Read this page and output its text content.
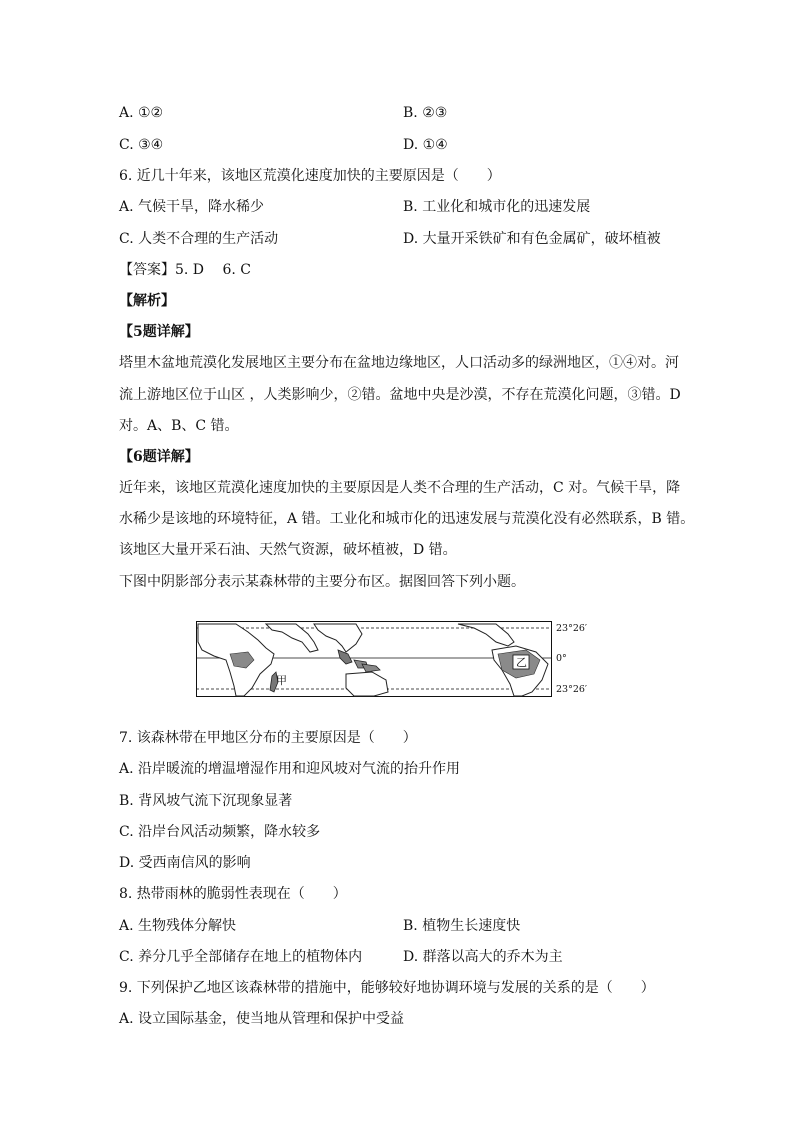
A. ①②	B. ②③
C. ③④	D. ①④
6. 近几十年来，该地区荒漠化速度加快的主要原因是（　　）
A. 气候干旱，降水稀少	B. 工业化和城市化的迅速发展
C. 人类不合理的生产活动	D. 大量开采铁矿和有色金属矿，破坏植被
【答案】5. D　 6. C
【解析】
【5题详解】
塔里木盆地荒漠化发展地区主要分布在盆地边缘地区，人口活动多的绿洲地区，①④对。河
流上游地区位于山区 ，人类影响少，②错。盆地中央是沙漠，不存在荒漠化问题，③错。D
对。A、B、C 错。
【6题详解】
近年来，该地区荒漠化速度加快的主要原因是人类不合理的生产活动，C 对。气候干旱，降
水稀少是该地的环境特征，A 错。工业化和城市化的迅速发展与荒漠化没有必然联系，B 错。
该地区大量开采石油、天然气资源，破坏植被，D 错。
下图中阴影部分表示某森林带的主要分布区。据图回答下列小题。
甲
乙
23°26′
0°
23°26′
7. 该森林带在甲地区分布的主要原因是（　　）
A. 沿岸暖流的增温增湿作用和迎风坡对气流的抬升作用
B. 背风坡气流下沉现象显著
C. 沿岸台风活动频繁，降水较多
D. 受西南信风的影响
8. 热带雨林的脆弱性表现在（　　）
A. 生物残体分解快	B. 植物生长速度快
C. 养分几乎全部储存在地上的植物体内	D. 群落以高大的乔木为主
9. 下列保护乙地区该森林带的措施中，能够较好地协调环境与发展的关系的是（　　）
A. 设立国际基金，使当地从管理和保护中受益
